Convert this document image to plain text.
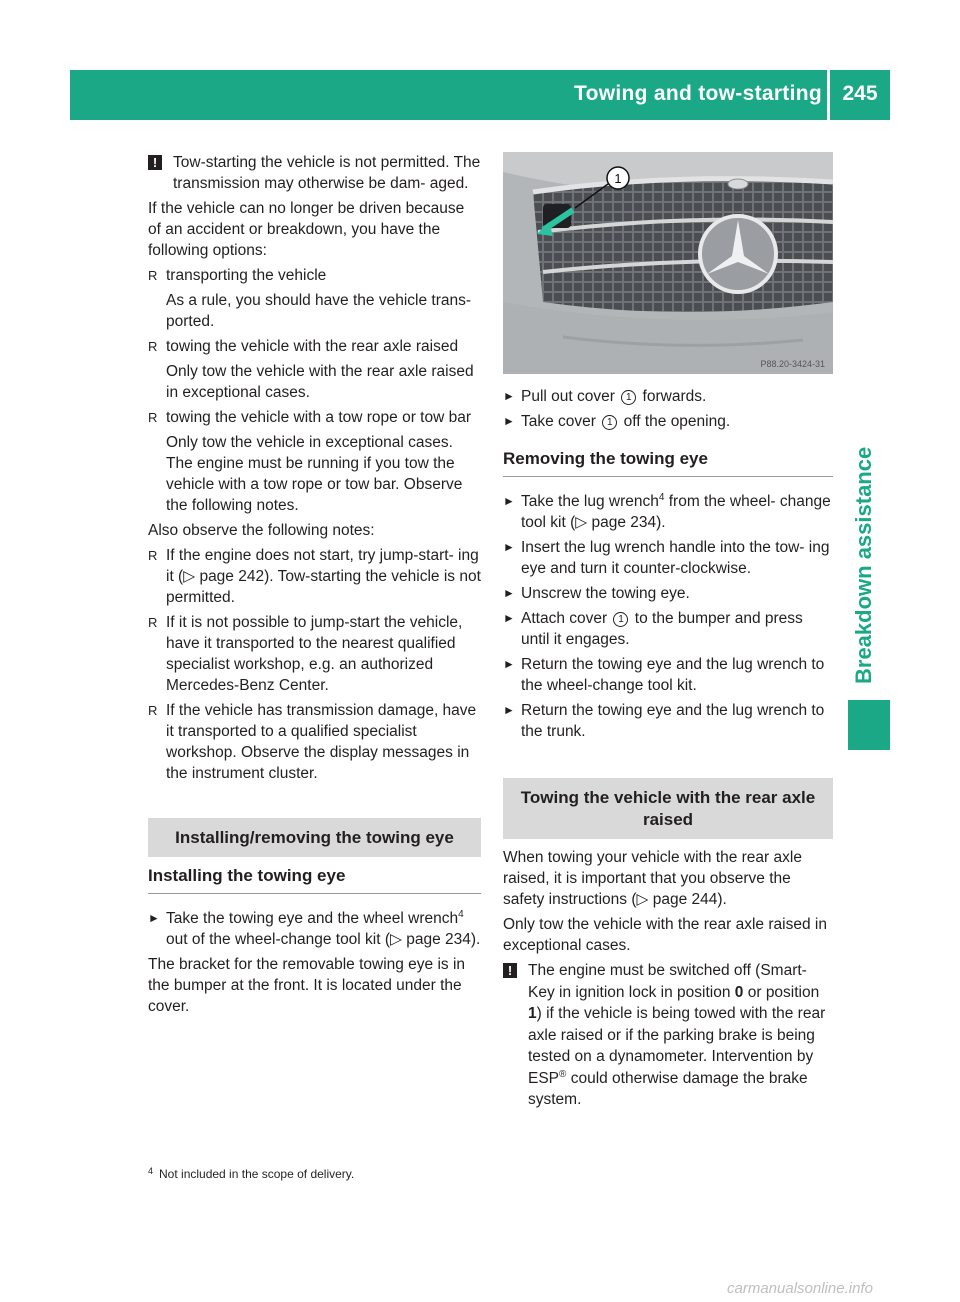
Towing and tow-starting 245
Breakdown assistance
!	Tow-starting the vehicle is not permitted. The transmission may otherwise be dam- aged.

If the vehicle can no longer be driven because of an accident or breakdown, you have the following options:

R transporting the vehicle
As a rule, you should have the vehicle trans- ported.
R towing the vehicle with the rear axle raised
Only tow the vehicle with the rear axle raised in exceptional cases.
R towing the vehicle with a tow rope or tow bar
Only tow the vehicle in exceptional cases. The engine must be running if you tow the vehicle with a tow rope or tow bar. Observe the following notes.

Also observe the following notes:

R If the engine does not start, try jump-start- ing it (▷ page 242). Tow-starting the vehicle is not permitted.
R If it is not possible to jump-start the vehicle, have it transported to the nearest qualified specialist workshop, e.g. an authorized Mercedes-Benz Center.
R If the vehicle has transmission damage, have it transported to a qualified specialist workshop. Observe the display messages in the instrument cluster.
Installing/removing the towing eye
Installing the towing eye
► Take the towing eye and the wheel wrench$^4$ out of the wheel-change tool kit (▷ page 234).

The bracket for the removable towing eye is in the bumper at the front. It is located under the cover.

1
P88.20-3424-31
► Pull out cover 1 forwards.
► Take cover 1 off the opening.
Removing the towing eye
► Take the lug wrench$^4$ from the wheel- change tool kit (▷ page 234).
► Insert the lug wrench handle into the tow- ing eye and turn it counter-clockwise.
► Unscrew the towing eye.
► Attach cover 1 to the bumper and press until it engages.
► Return the towing eye and the lug wrench to the wheel-change tool kit.
► Return the towing eye and the lug wrench to the trunk.
Towing the vehicle with the rear axle raised

When towing your vehicle with the rear axle raised, it is important that you observe the safety instructions (▷ page 244).

Only tow the vehicle with the rear axle raised in exceptional cases.

!	The engine must be switched off (Smart- Key in ignition lock in position 0 or position 1) if the vehicle is being towed with the rear axle raised or if the parking brake is being tested on a dynamometer. Intervention by ESP® could otherwise damage the brake system.
$^4$ Not included in the scope of delivery.
carmanualsonline.info
